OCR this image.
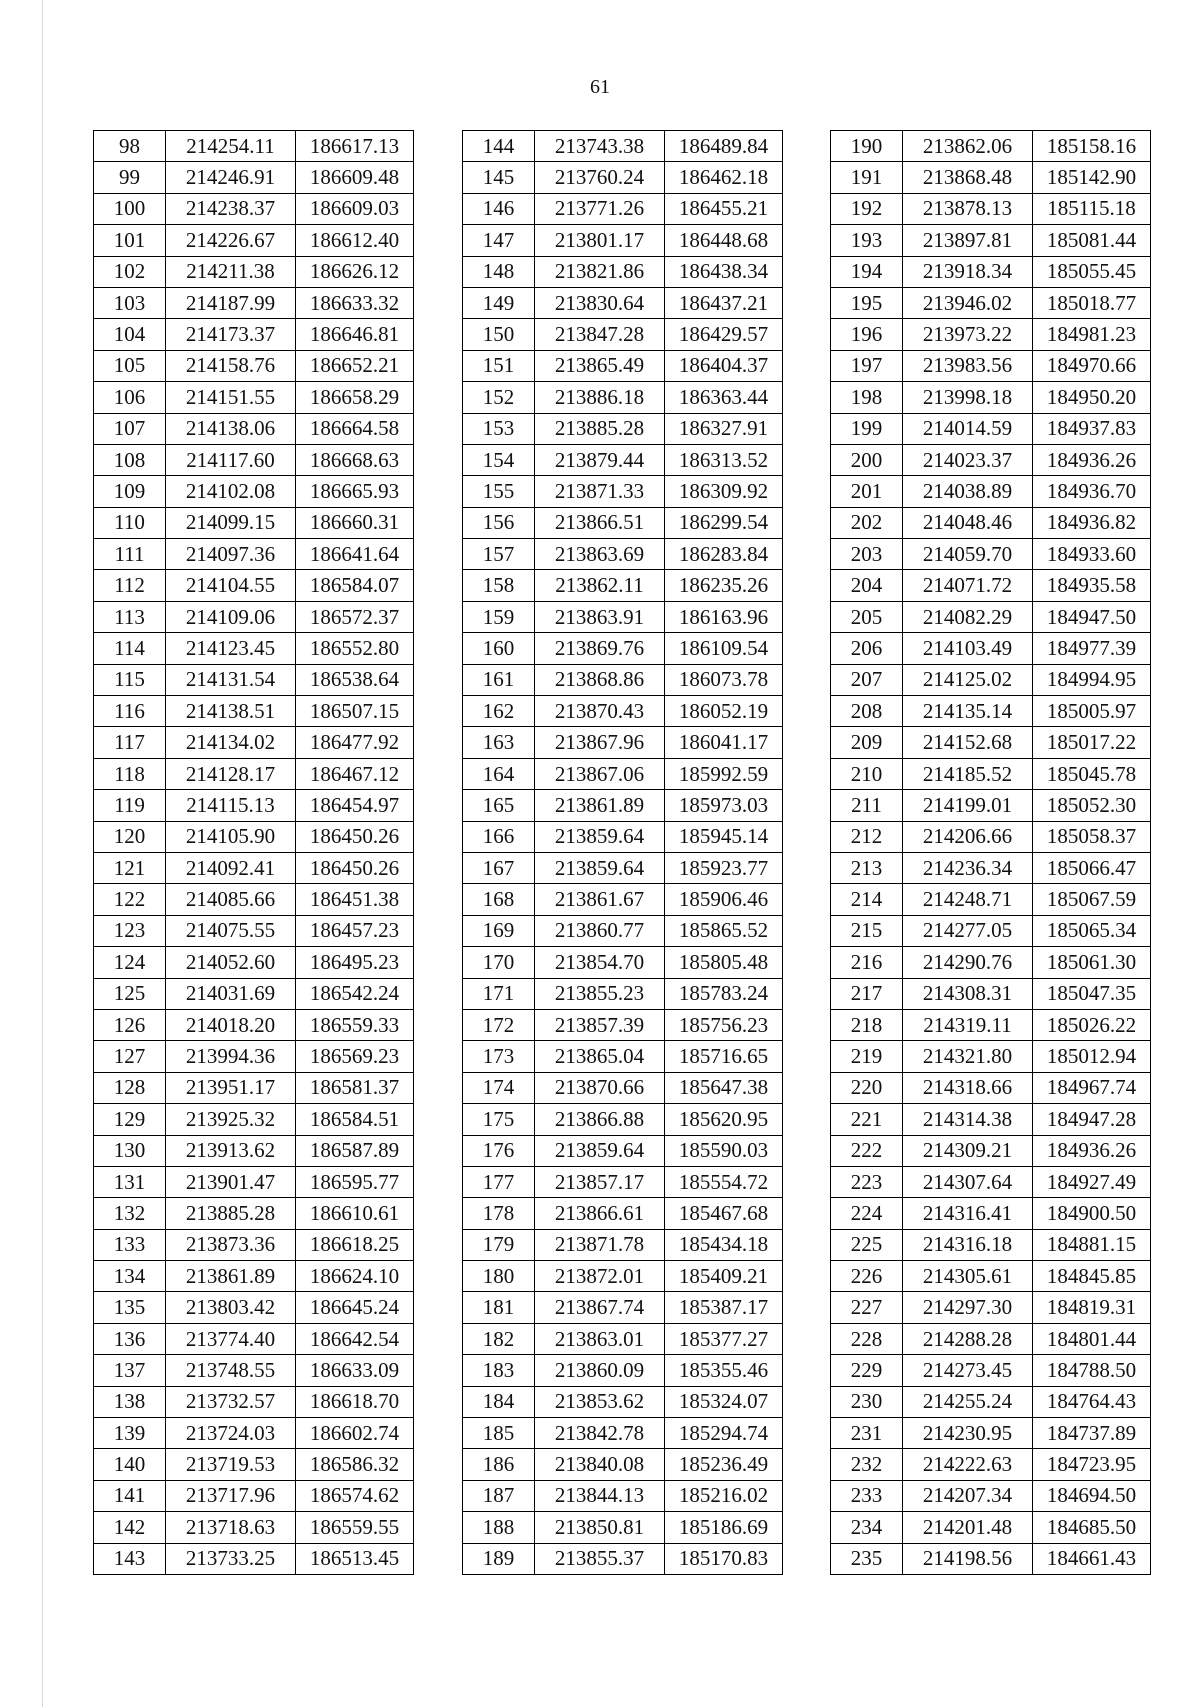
61
98	214254.11	186617.13
99	214246.91	186609.48
100	214238.37	186609.03
101	214226.67	186612.40
102	214211.38	186626.12
103	214187.99	186633.32
104	214173.37	186646.81
105	214158.76	186652.21
106	214151.55	186658.29
107	214138.06	186664.58
108	214117.60	186668.63
109	214102.08	186665.93
110	214099.15	186660.31
111	214097.36	186641.64
112	214104.55	186584.07
113	214109.06	186572.37
114	214123.45	186552.80
115	214131.54	186538.64
116	214138.51	186507.15
117	214134.02	186477.92
118	214128.17	186467.12
119	214115.13	186454.97
120	214105.90	186450.26
121	214092.41	186450.26
122	214085.66	186451.38
123	214075.55	186457.23
124	214052.60	186495.23
125	214031.69	186542.24
126	214018.20	186559.33
127	213994.36	186569.23
128	213951.17	186581.37
129	213925.32	186584.51
130	213913.62	186587.89
131	213901.47	186595.77
132	213885.28	186610.61
133	213873.36	186618.25
134	213861.89	186624.10
135	213803.42	186645.24
136	213774.40	186642.54
137	213748.55	186633.09
138	213732.57	186618.70
139	213724.03	186602.74
140	213719.53	186586.32
141	213717.96	186574.62
142	213718.63	186559.55
143	213733.25	186513.45
144	213743.38	186489.84
145	213760.24	186462.18
146	213771.26	186455.21
147	213801.17	186448.68
148	213821.86	186438.34
149	213830.64	186437.21
150	213847.28	186429.57
151	213865.49	186404.37
152	213886.18	186363.44
153	213885.28	186327.91
154	213879.44	186313.52
155	213871.33	186309.92
156	213866.51	186299.54
157	213863.69	186283.84
158	213862.11	186235.26
159	213863.91	186163.96
160	213869.76	186109.54
161	213868.86	186073.78
162	213870.43	186052.19
163	213867.96	186041.17
164	213867.06	185992.59
165	213861.89	185973.03
166	213859.64	185945.14
167	213859.64	185923.77
168	213861.67	185906.46
169	213860.77	185865.52
170	213854.70	185805.48
171	213855.23	185783.24
172	213857.39	185756.23
173	213865.04	185716.65
174	213870.66	185647.38
175	213866.88	185620.95
176	213859.64	185590.03
177	213857.17	185554.72
178	213866.61	185467.68
179	213871.78	185434.18
180	213872.01	185409.21
181	213867.74	185387.17
182	213863.01	185377.27
183	213860.09	185355.46
184	213853.62	185324.07
185	213842.78	185294.74
186	213840.08	185236.49
187	213844.13	185216.02
188	213850.81	185186.69
189	213855.37	185170.83
190	213862.06	185158.16
191	213868.48	185142.90
192	213878.13	185115.18
193	213897.81	185081.44
194	213918.34	185055.45
195	213946.02	185018.77
196	213973.22	184981.23
197	213983.56	184970.66
198	213998.18	184950.20
199	214014.59	184937.83
200	214023.37	184936.26
201	214038.89	184936.70
202	214048.46	184936.82
203	214059.70	184933.60
204	214071.72	184935.58
205	214082.29	184947.50
206	214103.49	184977.39
207	214125.02	184994.95
208	214135.14	185005.97
209	214152.68	185017.22
210	214185.52	185045.78
211	214199.01	185052.30
212	214206.66	185058.37
213	214236.34	185066.47
214	214248.71	185067.59
215	214277.05	185065.34
216	214290.76	185061.30
217	214308.31	185047.35
218	214319.11	185026.22
219	214321.80	185012.94
220	214318.66	184967.74
221	214314.38	184947.28
222	214309.21	184936.26
223	214307.64	184927.49
224	214316.41	184900.50
225	214316.18	184881.15
226	214305.61	184845.85
227	214297.30	184819.31
228	214288.28	184801.44
229	214273.45	184788.50
230	214255.24	184764.43
231	214230.95	184737.89
232	214222.63	184723.95
233	214207.34	184694.50
234	214201.48	184685.50
235	214198.56	184661.43
